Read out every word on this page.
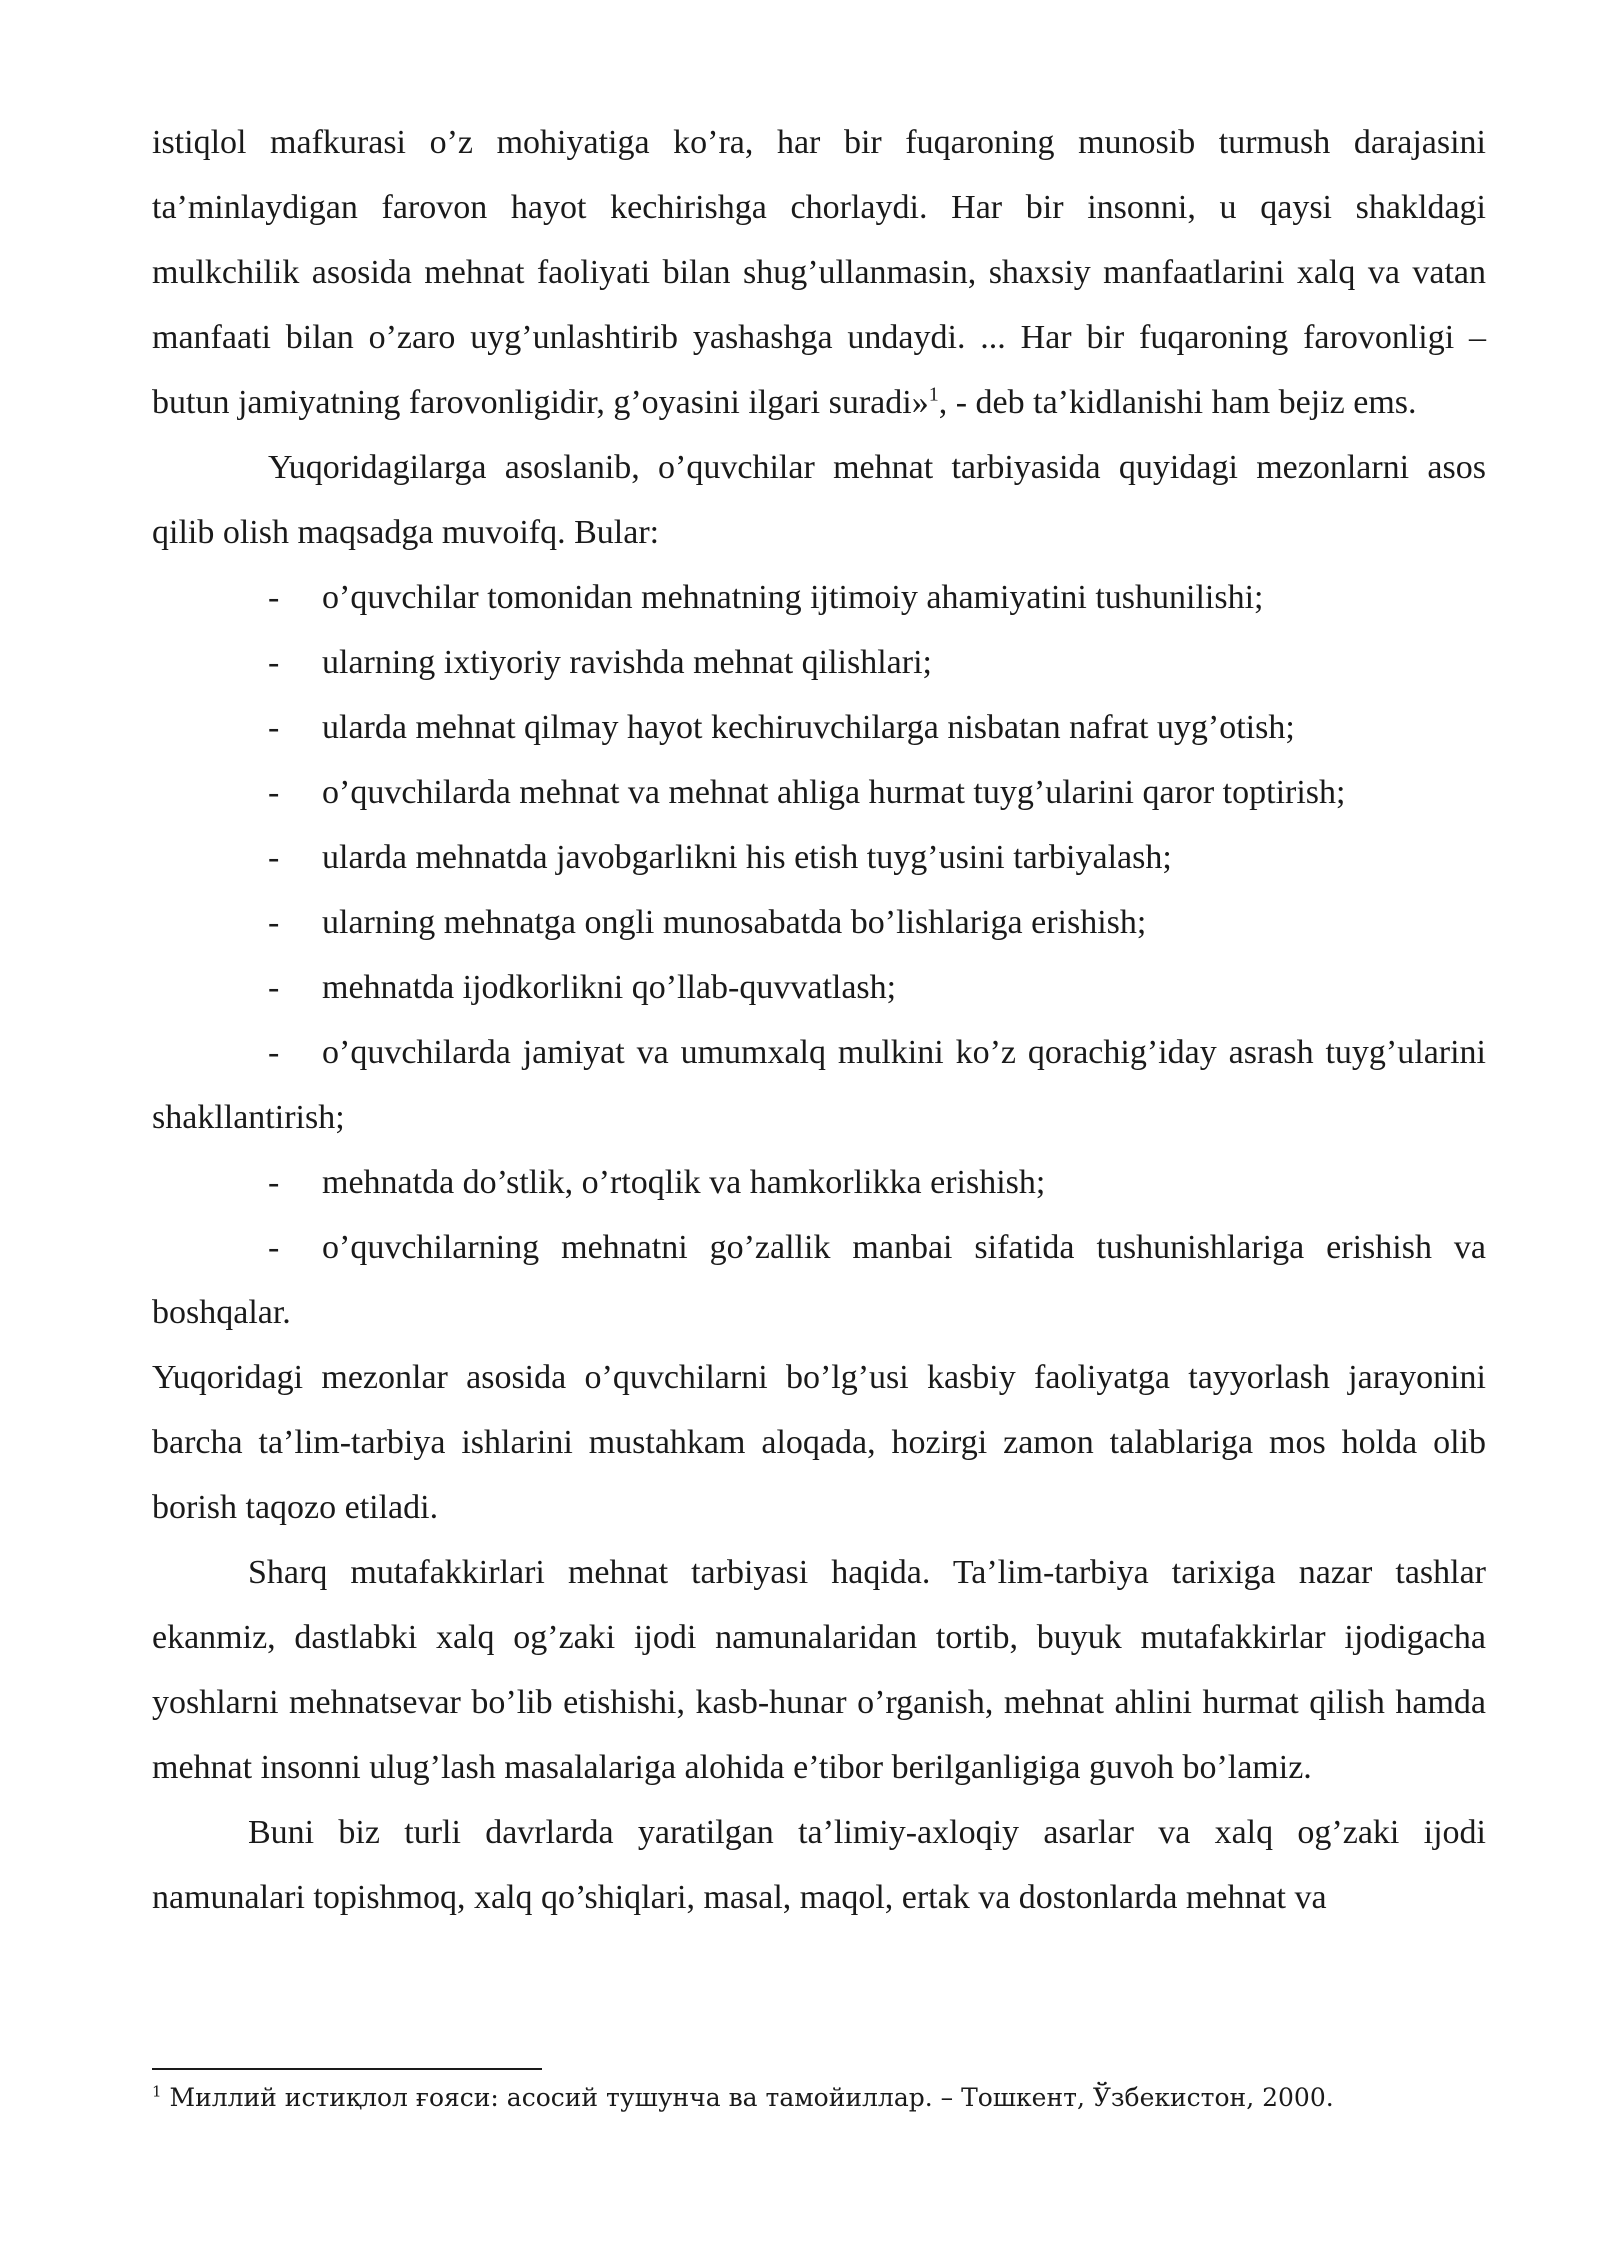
istiqlol mafkurasi o’z mohiyatiga ko’ra, har bir fuqaroning munosib turmush darajasini ta’minlaydigan farovon hayot kechirishga chorlaydi. Har bir insonni, u qaysi shakldagi mulkchilik asosida mehnat faoliyati bilan shug’ullanmasin, shaxsiy manfaatlarini xalq va vatan manfaati bilan o’zaro uyg’unlashtirib yashashga undaydi. ... Har bir fuqaroning farovonligi – butun jamiyatning farovonligidir, g’oyasini ilgari suradi»$^1$, - deb ta’kidlanishi ham bejiz ems.

Yuqoridagilarga asoslanib, o’quvchilar mehnat tarbiyasida quyidagi mezonlarni asos qilib olish maqsadga muvoifq. Bular:

- o’quvchilar tomonidan mehnatning ijtimoiy ahamiyatini tushunilishi;

- ularning ixtiyoriy ravishda mehnat qilishlari;

- ularda mehnat qilmay hayot kechiruvchilarga nisbatan nafrat uyg’otish;

- o’quvchilarda mehnat va mehnat ahliga hurmat tuyg’ularini qaror toptirish;

- ularda mehnatda javobgarlikni his etish tuyg’usini tarbiyalash;

- ularning mehnatga ongli munosabatda bo’lishlariga erishish;

- mehnatda ijodkorlikni qo’llab-quvvatlash;

- o’quvchilarda jamiyat va umumxalq mulkini ko’z qorachig’iday asrash tuyg’ularini shakllantirish;

- mehnatda do’stlik, o’rtoqlik va hamkorlikka erishish;

- o’quvchilarning mehnatni go’zallik manbai sifatida tushunishlariga erishish va boshqalar.

Yuqoridagi mezonlar asosida o’quvchilarni bo’lg’usi kasbiy faoliyatga tayyorlash jarayonini barcha ta’lim-tarbiya ishlarini mustahkam aloqada, hozirgi zamon talablariga mos holda olib borish taqozo etiladi.

Sharq mutafakkirlari mehnat tarbiyasi haqida. Ta’lim-tarbiya tarixiga nazar tashlar ekanmiz, dastlabki xalq og’zaki ijodi namunalaridan tortib, buyuk mutafakkirlar ijodigacha yoshlarni mehnatsevar bo’lib etishishi, kasb-hunar o’rganish, mehnat ahlini hurmat qilish hamda mehnat insonni ulug’lash masalalariga alohida e’tibor berilganligiga guvoh bo’lamiz.

Buni biz turli davrlarda yaratilgan ta’limiy-axloqiy asarlar va xalq og’zaki ijodi namunalari topishmoq, xalq qo’shiqlari, masal, maqol, ertak va dostonlarda mehnat va

$^1$ Миллий истиқлол ғояси: асосий тушунча ва тамойиллар. – Тошкент, Ўзбекистон, 2000.
